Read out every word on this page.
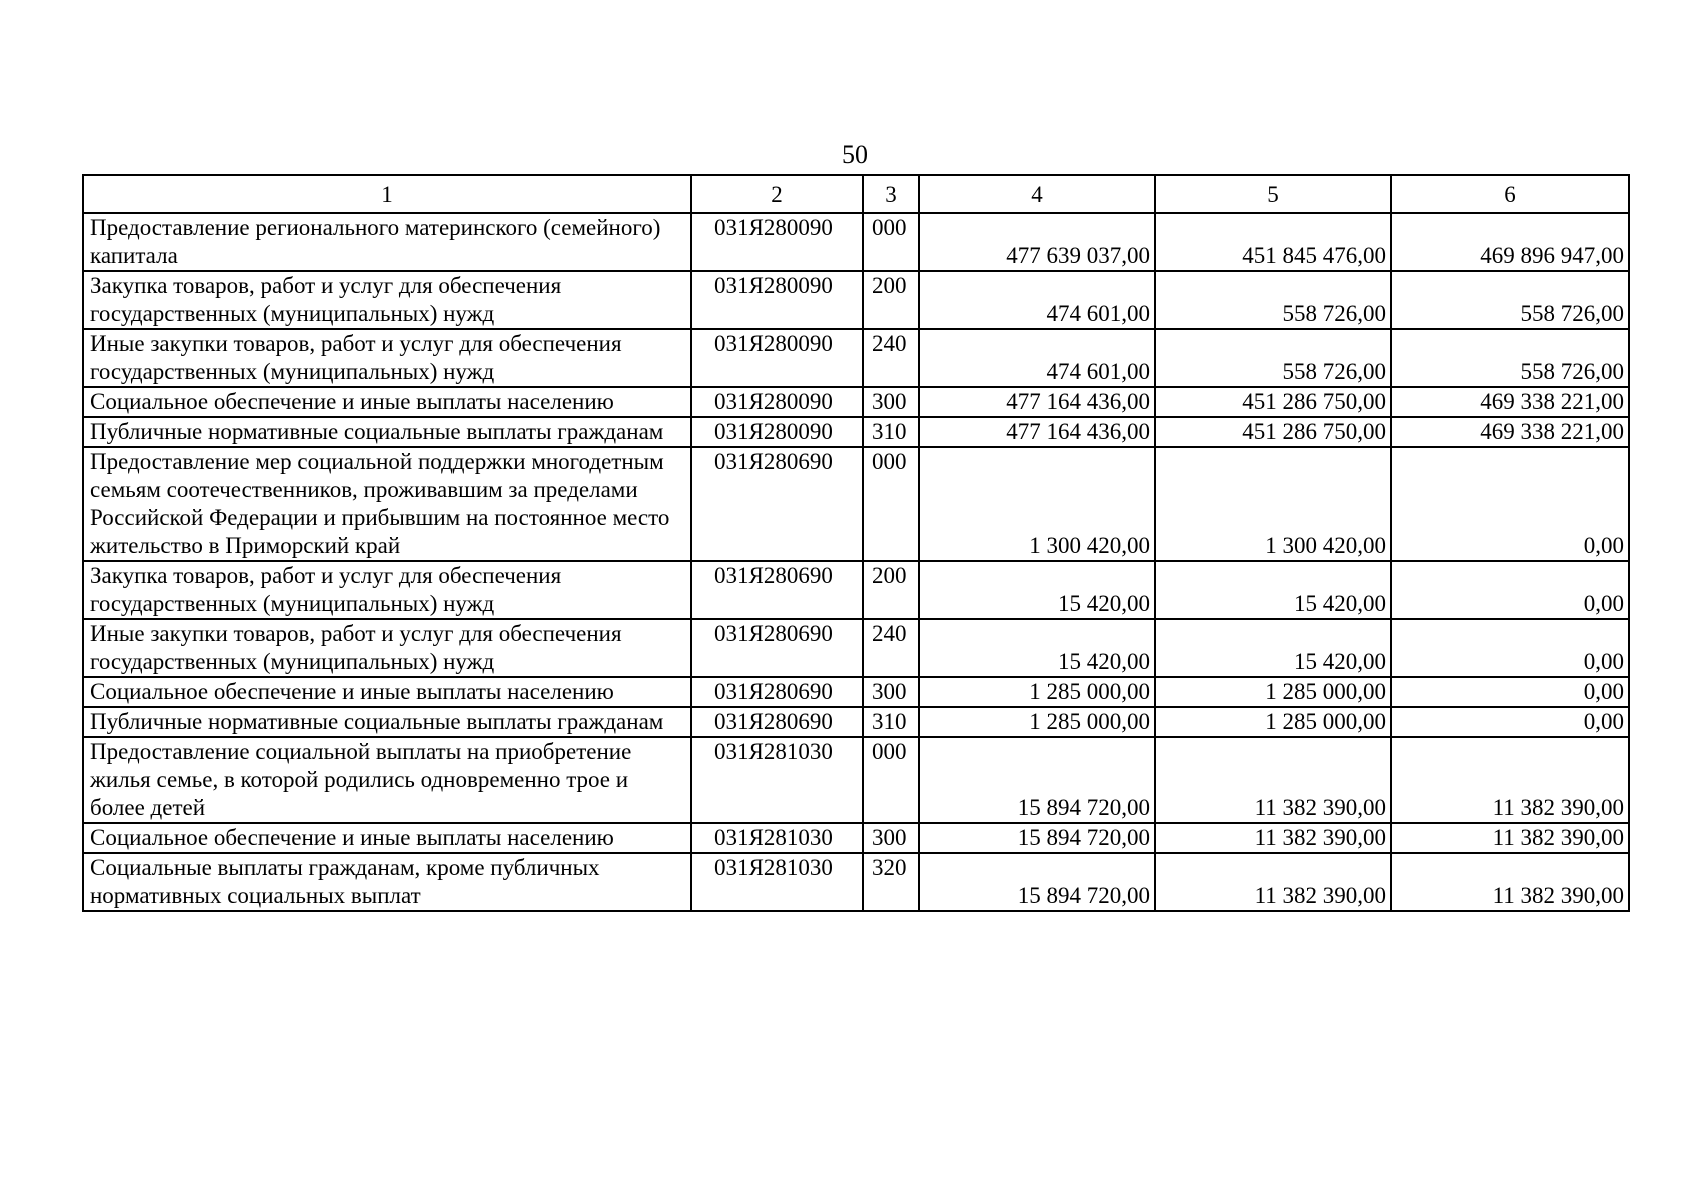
50
1	2	3	4	5	6
Предоставление регионального материнского (семейного) капитала	031Я280090	000	477 639 037,00	451 845 476,00	469 896 947,00
Закупка товаров, работ и услуг для обеспечения государственных (муниципальных) нужд	031Я280090	200	474 601,00	558 726,00	558 726,00
Иные закупки товаров, работ и услуг для обеспечения государственных (муниципальных) нужд	031Я280090	240	474 601,00	558 726,00	558 726,00
Социальное обеспечение и иные выплаты населению	031Я280090	300	477 164 436,00	451 286 750,00	469 338 221,00
Публичные нормативные социальные выплаты гражданам	031Я280090	310	477 164 436,00	451 286 750,00	469 338 221,00
Предоставление мер социальной поддержки многодетным семьям соотечественников, проживавшим за пределами Российской Федерации и прибывшим на постоянное место жительство в Приморский край	031Я280690	000	1 300 420,00	1 300 420,00	0,00
Закупка товаров, работ и услуг для обеспечения государственных (муниципальных) нужд	031Я280690	200	15 420,00	15 420,00	0,00
Иные закупки товаров, работ и услуг для обеспечения государственных (муниципальных) нужд	031Я280690	240	15 420,00	15 420,00	0,00
Социальное обеспечение и иные выплаты населению	031Я280690	300	1 285 000,00	1 285 000,00	0,00
Публичные нормативные социальные выплаты гражданам	031Я280690	310	1 285 000,00	1 285 000,00	0,00
Предоставление социальной выплаты на приобретение жилья семье, в которой родились одновременно трое и более детей	031Я281030	000	15 894 720,00	11 382 390,00	11 382 390,00
Социальное обеспечение и иные выплаты населению	031Я281030	300	15 894 720,00	11 382 390,00	11 382 390,00
Социальные выплаты гражданам, кроме публичных нормативных социальных выплат	031Я281030	320	15 894 720,00	11 382 390,00	11 382 390,00
